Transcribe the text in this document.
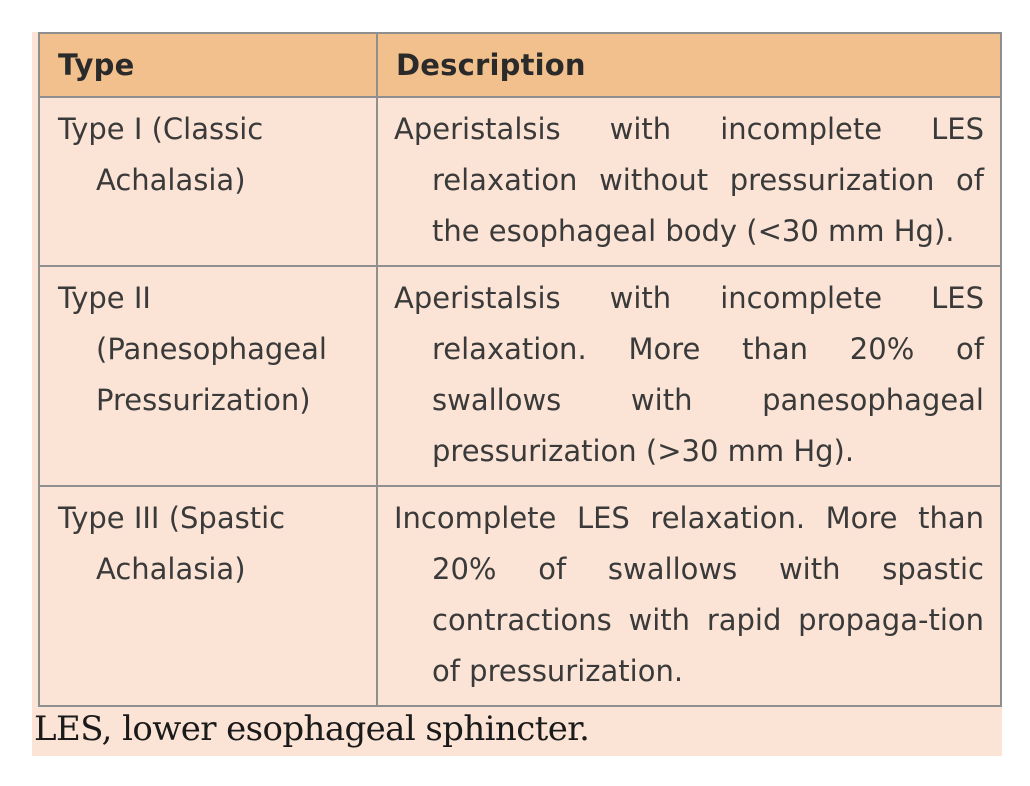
Type	Description
Type I (Classic Achalasia)	Aperistalsis with incomplete LES relaxation without pressurization of the esophageal body (<30 mm Hg).
Type II (Panesophageal Pressurization)	Aperistalsis with incomplete LES relaxation. More than 20% of swallows with panesophageal pressurization (>30 mm Hg).
Type III (Spastic Achalasia)	Incomplete LES relaxation. More than 20% of swallows with spastic contractions with rapid propaga-tion of pressurization.
LES, lower esophageal sphincter.
